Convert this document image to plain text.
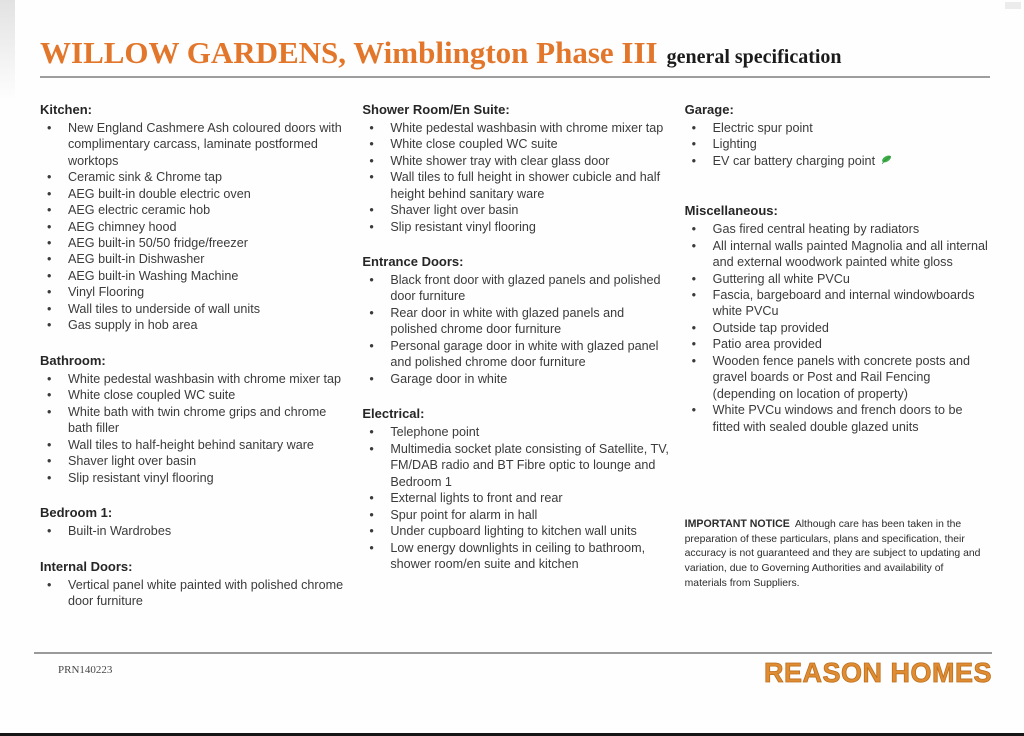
WILLOW GARDENS, Wimblington Phase III general specification
Kitchen:
• New England Cashmere Ash coloured doors with complimentary carcass, laminate postformed worktops
• Ceramic sink & Chrome tap
• AEG built-in double electric oven
• AEG electric ceramic hob
• AEG chimney hood
• AEG built-in 50/50 fridge/freezer
• AEG built-in Dishwasher
• AEG built-in Washing Machine
• Vinyl Flooring
• Wall tiles to underside of wall units
• Gas supply in hob area
Bathroom:
• White pedestal washbasin with chrome mixer tap
• White close coupled WC suite
• White bath with twin chrome grips and chrome bath filler
• Wall tiles to half-height behind sanitary ware
• Shaver light over basin
• Slip resistant vinyl flooring
Bedroom 1:
• Built-in Wardrobes
Internal Doors:
• Vertical panel white painted with polished chrome door furniture
Shower Room/En Suite:
• White pedestal washbasin with chrome mixer tap
• White close coupled WC suite
• White shower tray with clear glass door
• Wall tiles to full height in shower cubicle and half height behind sanitary ware
• Shaver light over basin
• Slip resistant vinyl flooring
Entrance Doors:
• Black front door with glazed panels and polished door furniture
• Rear door in white with glazed panels and polished chrome door furniture
• Personal garage door in white with glazed panel and polished chrome door furniture
• Garage door in white
Electrical:
• Telephone point
• Multimedia socket plate consisting of Satellite, TV, FM/DAB radio and BT Fibre optic to lounge and Bedroom 1
• External lights to front and rear
• Spur point for alarm in hall
• Under cupboard lighting to kitchen wall units
• Low energy downlights in ceiling to bathroom, shower room/en suite and kitchen
Garage:
• Electric spur point
• Lighting
• EV car battery charging point
Miscellaneous:
• Gas fired central heating by radiators
• All internal walls painted Magnolia and all internal and external woodwork painted white gloss
• Guttering all white PVCu
• Fascia, bargeboard and internal windowboards white PVCu
• Outside tap provided
• Patio area provided
• Wooden fence panels with concrete posts and gravel boards or Post and Rail Fencing (depending on location of property)
• White PVCu windows and french doors to be fitted with sealed double glazed units
IMPORTANT NOTICE Although care has been taken in the preparation of these particulars, plans and specification, their accuracy is not guaranteed and they are subject to updating and variation, due to Governing Authorities and availability of materials from Suppliers.
PRN140223	REASON HOMES
